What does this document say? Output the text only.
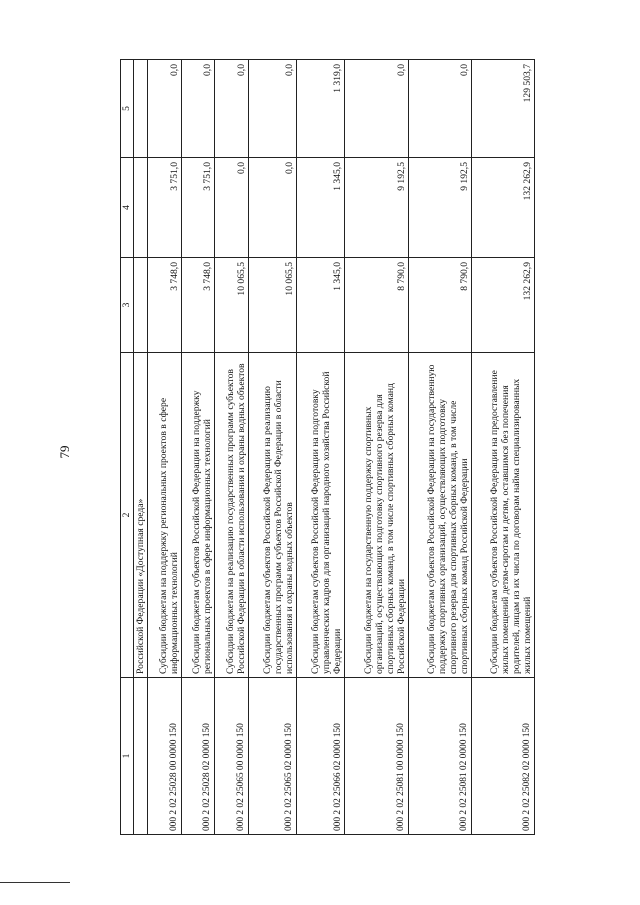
79
1	2	3	4	5
	Российской Федерации «Доступная среда»			
000 2 02 25028 00 0000 150	Субсидии бюджетам на поддержку региональных проектов в сфере информационных технологий	3 748,0	3 751,0	0,0
000 2 02 25028 02 0000 150	Субсидии бюджетам субъектов Российской Федерации на поддержку региональных проектов в сфере информационных технологий	3 748,0	3 751,0	0,0
000 2 02 25065 00 0000 150	Субсидии бюджетам на реализацию государственных программ субъектов Российской Федерации в области использования и охраны водных объектов	10 065,5	0,0	0,0
000 2 02 25065 02 0000 150	Субсидии бюджетам субъектов Российской Федерации на реализацию государственных программ субъектов Российской Федерации в области использования и охраны водных объектов	10 065,5	0,0	0,0
000 2 02 25066 02 0000 150	Субсидии бюджетам субъектов Российской Федерации на подготовку управленческих кадров для организаций народного хозяйства Российской Федерации	1 345,0	1 345,0	1 319,0
000 2 02 25081 00 0000 150	Субсидии бюджетам на государственную поддержку спортивных организаций, осуществляющих подготовку спортивного резерва для спортивных сборных команд, в том числе спортивных сборных команд Российской Федерации	8 790,0	9 192,5	0,0
000 2 02 25081 02 0000 150	Субсидии бюджетам субъектов Российской Федерации на государственную поддержку спортивных организаций, осуществляющих подготовку спортивного резерва для спортивных сборных команд, в том числе спортивных сборных команд Российской Федерации	8 790,0	9 192,5	0,0
000 2 02 25082 02 0000 150	Субсидии бюджетам субъектов Российской Федерации на предоставление жилых помещений детям-сиротам и детям, оставшимся без попечения родителей, лицам из их числа по договорам найма специализированных жилых помещений	132 262,9	132 262,9	129 503,7
